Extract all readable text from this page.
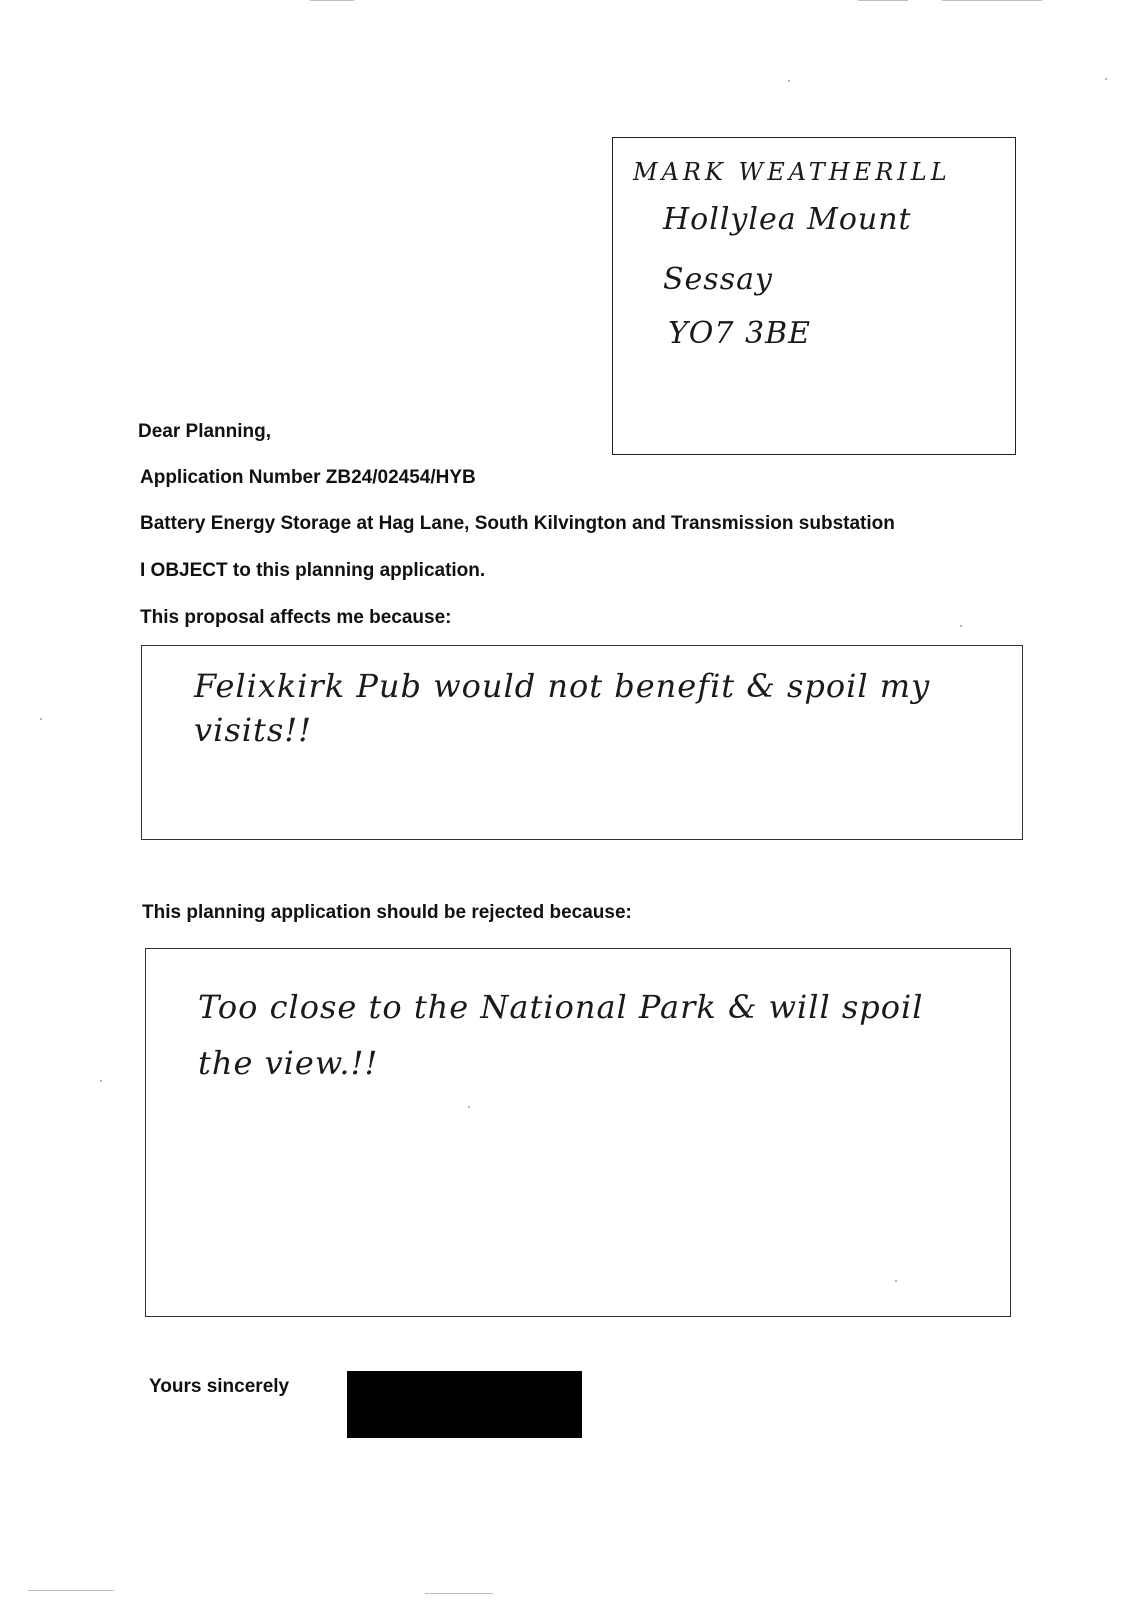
MARK WEATHERILL
Hollylea Mount
Sessay
YO7 3BE
Dear Planning,
Application Number ZB24/02454/HYB
Battery Energy Storage at Hag Lane, South Kilvington and Transmission substation
I OBJECT to this planning application.
This proposal affects me because:
Felixkirk Pub would not benefit & spoil my visits!!
This planning application should be rejected because:
Too close to the National Park & will spoil the view.!!
Yours sincerely
